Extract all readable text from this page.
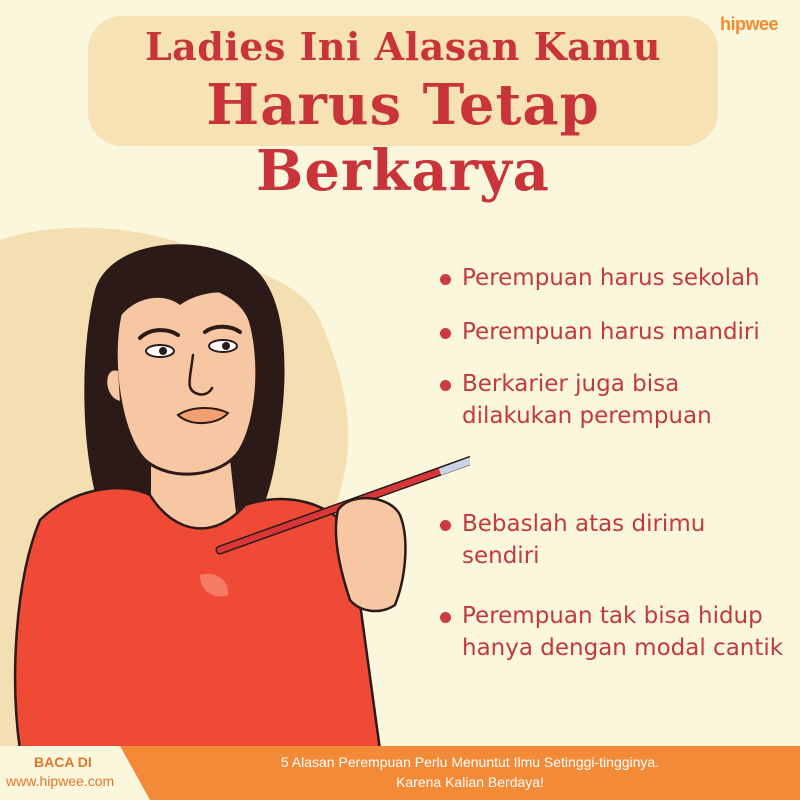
hipwee
Ladies Ini Alasan Kamu
Harus Tetap Berkarya
Perempuan harus sekolah
Perempuan harus mandiri
Berkarier juga bisa
dilakukan perempuan
Bebaslah atas dirimu
sendiri
Perempuan tak bisa hidup
hanya dengan modal cantik
BACA DI
www.hipwee.com
5 Alasan Perempuan Perlu Menuntut Ilmu Setinggi-tingginya.
Karena Kalian Berdaya!
